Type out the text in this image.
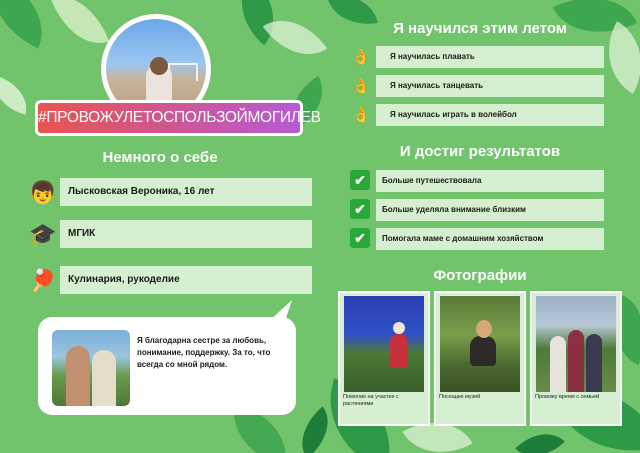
#ПРОВОЖУЛЕТОСПОЛЬЗОЙМОГИЛЕВ
Немного о себе
👦	Лысковская Вероника, 16 лет
🎓	МГИК
🏓	Кулинария, рукоделие
Я благодарна сестре за любовь, понимание, поддержку. За то, что всегда со мной рядом.
Я научился этим летом
👌	Я научилась плавать
👌	Я научилась танцевать
👌	Я научилась играть в волейбол
И достиг результатов
✔	Больше путешествовала
✔	Больше уделяла внимание близким
✔	Помогала маме с домашним хозяйством
Фотографии
Помогаю на участке с растениями
Посещаю музей	Провожу время с семьей
